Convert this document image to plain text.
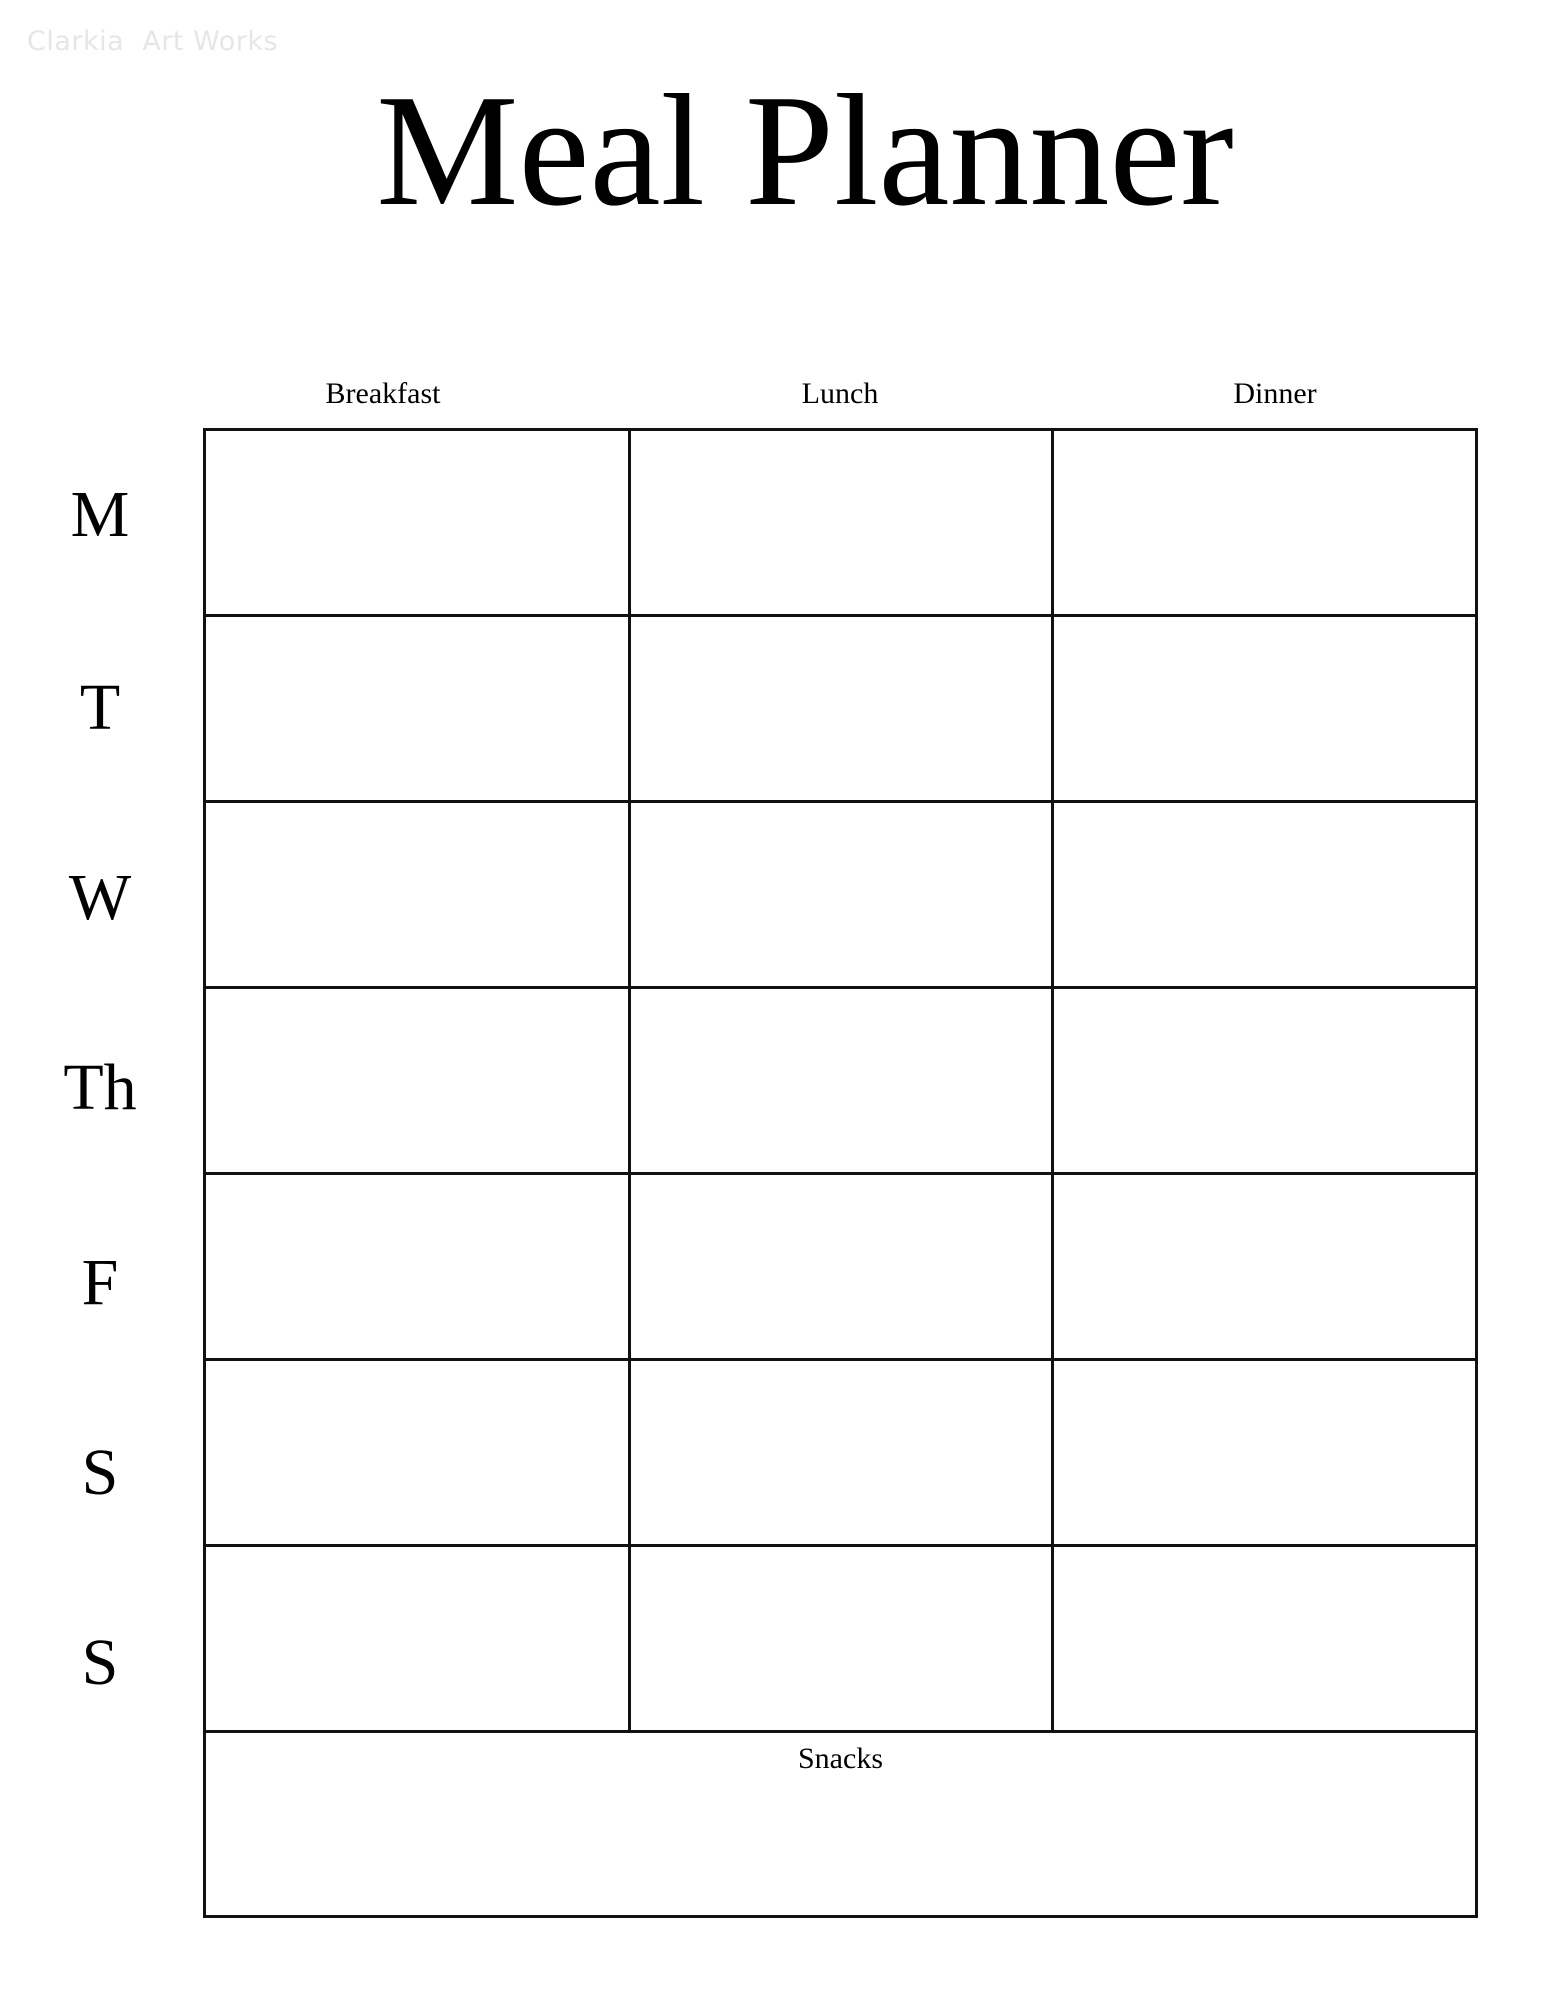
Clarkia  Art Works
Meal Planner
Breakfast	Lunch	Dinner
M
T
W
Th
F
S
S
Snacks
